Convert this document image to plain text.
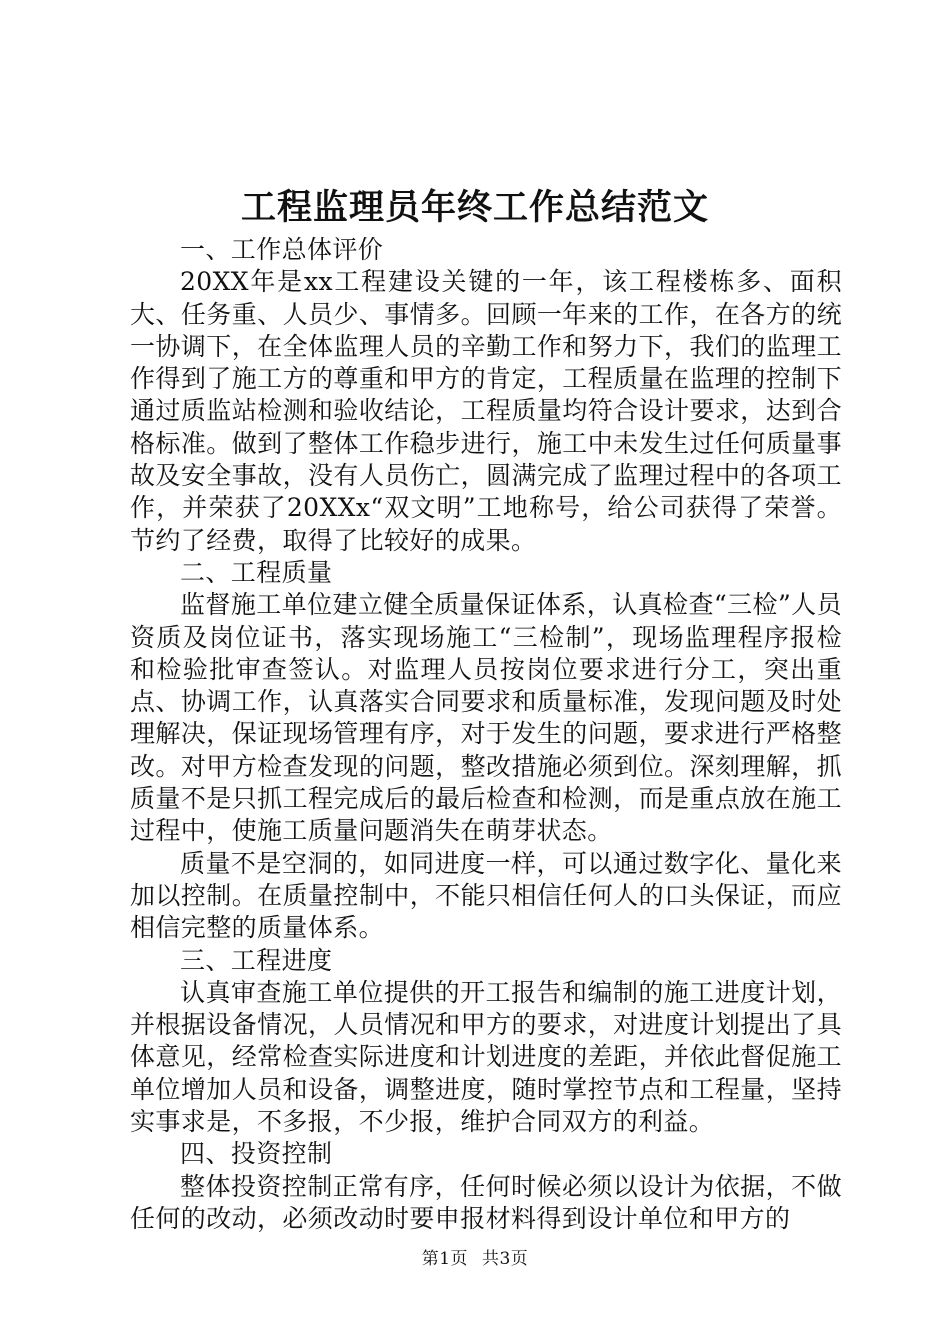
工程监理员年终工作总结范文

一、工作总体评价

20XX年是xx工程建设关键的一年，该工程楼栋多、面积大、任务重、人员少、事情多。回顾一年来的工作，在各方的统一协调下，在全体监理人员的辛勤工作和努力下，我们的监理工作得到了施工方的尊重和甲方的肯定，工程质量在监理的控制下通过质监站检测和验收结论，工程质量均符合设计要求，达到合格标准。做到了整体工作稳步进行，施工中未发生过任何质量事故及安全事故，没有人员伤亡，圆满完成了监理过程中的各项工作，并荣获了20XXx“双文明”工地称号，给公司获得了荣誉。节约了经费，取得了比较好的成果。

二、工程质量

监督施工单位建立健全质量保证体系，认真检查“三检”人员资质及岗位证书，落实现场施工“三检制”，现场监理程序报检和检验批审查签认。对监理人员按岗位要求进行分工，突出重点、协调工作，认真落实合同要求和质量标准，发现问题及时处理解决，保证现场管理有序，对于发生的问题，要求进行严格整改。对甲方检查发现的问题，整改措施必须到位。深刻理解，抓质量不是只抓工程完成后的最后检查和检测，而是重点放在施工过程中，使施工质量问题消失在萌芽状态。

质量不是空洞的，如同进度一样，可以通过数字化、量化来加以控制。在质量控制中，不能只相信任何人的口头保证，而应相信完整的质量体系。

三、工程进度

认真审查施工单位提供的开工报告和编制的施工进度计划，并根据设备情况，人员情况和甲方的要求，对进度计划提出了具体意见，经常检查实际进度和计划进度的差距，并依此督促施工单位增加人员和设备，调整进度，随时掌控节点和工程量，坚持实事求是，不多报，不少报，维护合同双方的利益。

四、投资控制

整体投资控制正常有序，任何时候必须以设计为依据，不做任何的改动，必须改动时要申报材料得到设计单位和甲方的

第1页 共3页
